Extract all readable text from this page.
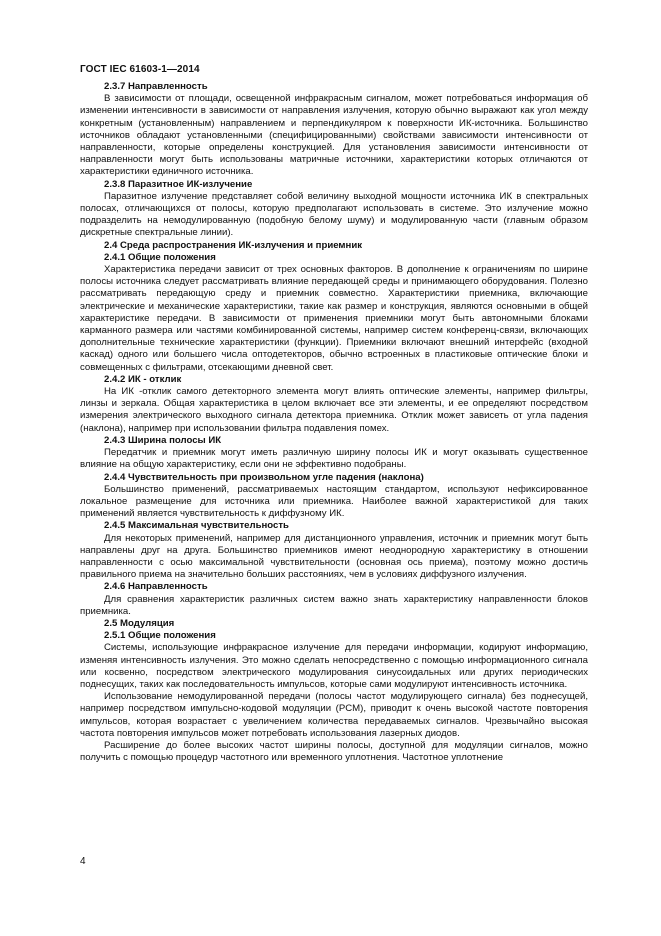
ГОСТ IEC 61603-1—2014
2.3.7 Направленность
В зависимости от площади, освещенной инфракрасным сигналом, может потребоваться информация об изменении интенсивности в зависимости от направления излучения, которую обычно выражают как угол между конкретным (установленным) направлением и перпендикуляром к поверхности ИК-источника. Большинство источников обладают установленными (специфицированными) свойствами зависимости интенсивности от направленности, которые определены конструкцией. Для установления зависимости интенсивности от направленности могут быть использованы матричные источники, характеристики которых отличаются от характеристики единичного источника.
2.3.8 Паразитное ИК-излучение
Паразитное излучение представляет собой величину выходной мощности источника ИК в спектральных полосах, отличающихся от полосы, которую предполагают использовать в системе. Это излучение можно подразделить на немодулированную (подобную белому шуму) и модулированную части (главным образом дискретные спектральные линии).
2.4 Среда распространения ИК-излучения и приемник
2.4.1 Общие положения
Характеристика передачи зависит от трех основных факторов. В дополнение к ограничениям по ширине полосы источника следует рассматривать влияние передающей среды и принимающего оборудования. Полезно рассматривать передающую среду и приемник совместно. Характеристики приемника, включающие электрические и механические характеристики, такие как размер и конструкция, являются основными в общей характеристике передачи. В зависимости от применения приемники могут быть автономными блоками карманного размера или частями комбинированной системы, например систем конференц-связи, включающих дополнительные технические характеристики (функции). Приемники включают внешний интерфейс (входной каскад) одного или большего числа оптодетекторов, обычно встроенных в пластиковые оптические блоки и совмещенных с фильтрами, отсекающими дневной свет.
2.4.2 ИК - отклик
На ИК -отклик самого детекторного элемента могут влиять оптические элементы, например фильтры, линзы и зеркала. Общая характеристика в целом включает все эти элементы, и ее определяют посредством измерения электрического выходного сигнала детектора приемника. Отклик может зависеть от угла падения (наклона), например при использовании фильтра подавления помех.
2.4.3 Ширина полосы ИК
Передатчик и приемник могут иметь различную ширину полосы ИК и могут оказывать существенное влияние на общую характеристику, если они не эффективно подобраны.
2.4.4 Чувствительность при произвольном угле падения (наклона)
Большинство применений, рассматриваемых настоящим стандартом, используют нефиксированное локальное размещение для источника или приемника. Наиболее важной характеристикой для таких применений является чувствительность к диффузному ИК.
2.4.5 Максимальная чувствительность
Для некоторых применений, например для дистанционного управления, источник и приемник могут быть направлены друг на друга. Большинство приемников имеют неоднородную характеристику в отношении направленности с осью максимальной чувствительности (основная ось приема), поэтому можно достичь правильного приема на значительно больших расстояниях, чем в условиях диффузного излучения.
2.4.6 Направленность
Для сравнения характеристик различных систем важно знать характеристику направленности блоков приемника.
2.5 Модуляция
2.5.1 Общие положения
Системы, использующие инфракрасное излучение для передачи информации, кодируют информацию, изменяя интенсивность излучения. Это можно сделать непосредственно с помощью информационного сигнала или косвенно, посредством электрического модулирования синусоидальных или других периодических поднесущих, таких как последовательность импульсов, которые сами модулируют интенсивность источника.
Использование немодулированной передачи (полосы частот модулирующего сигнала) без поднесущей, например посредством импульсно-кодовой модуляции (PCM), приводит к очень высокой частоте повторения импульсов, которая возрастает с увеличением количества передаваемых сигналов. Чрезвычайно высокая частота повторения импульсов может потребовать использования лазерных диодов.
Расширение до более высоких частот ширины полосы, доступной для модуляции сигналов, можно получить с помощью процедур частотного или временного уплотнения. Частотное уплотнение
4
